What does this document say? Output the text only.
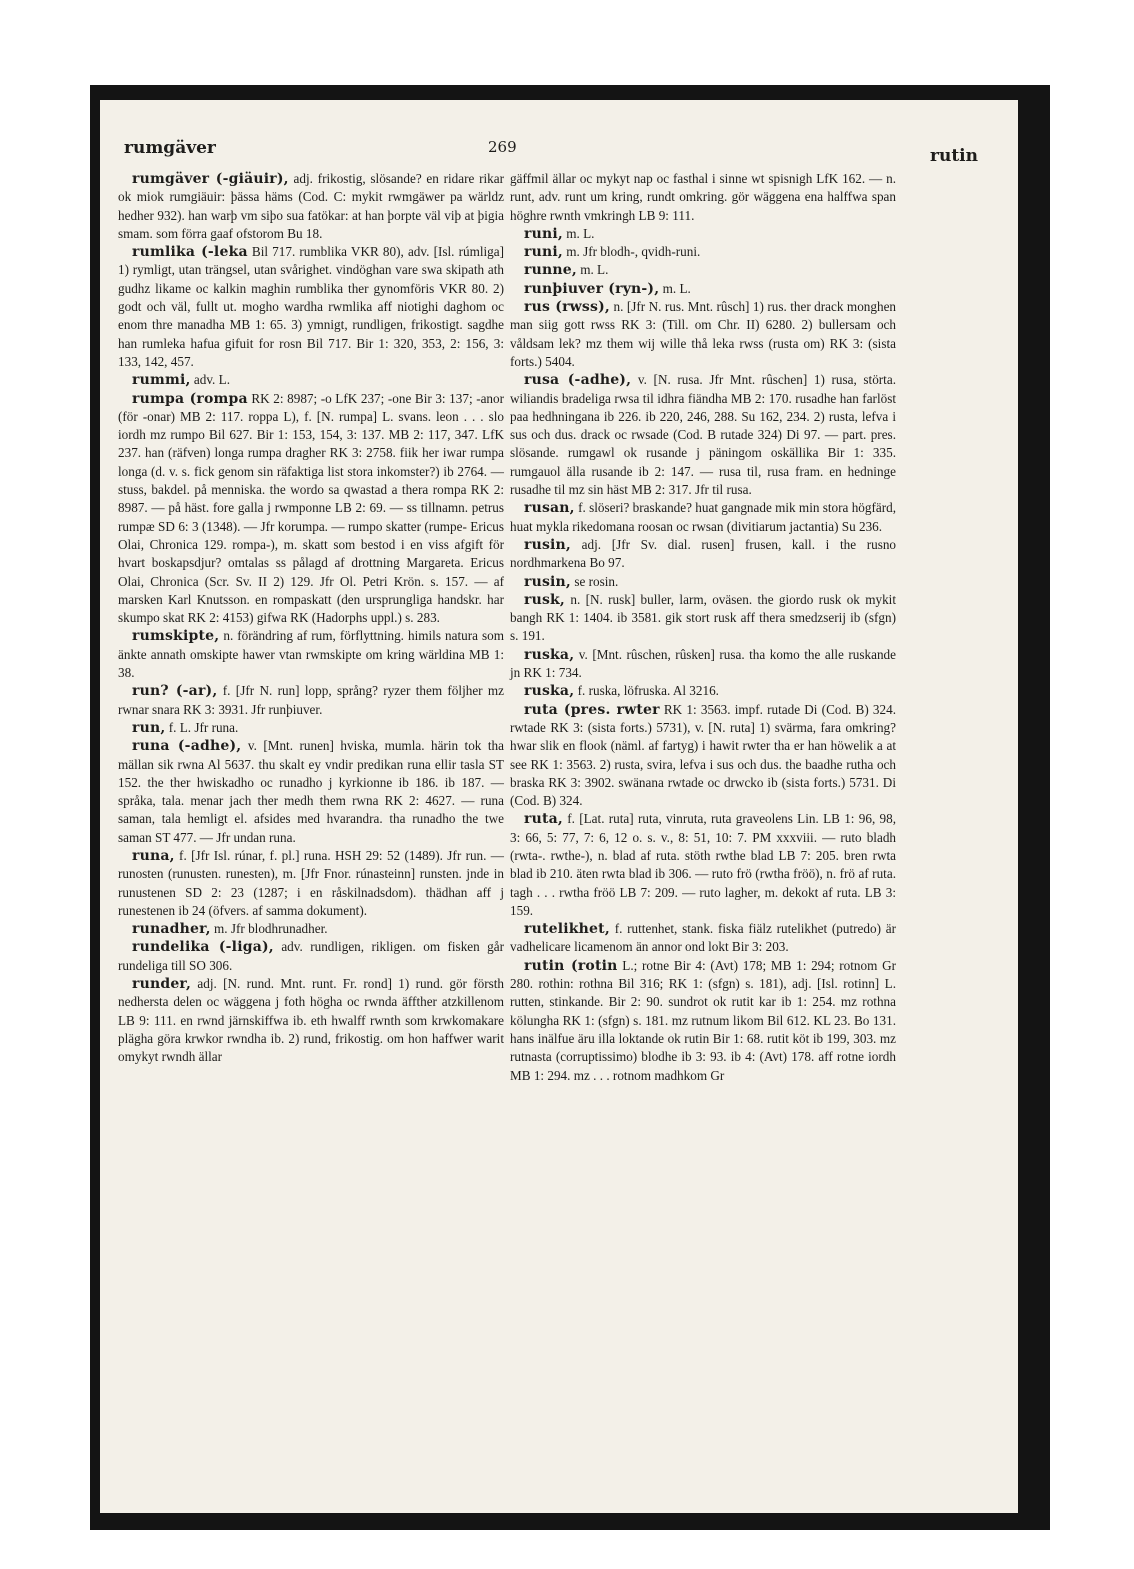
rumgäver	269	rutin

rumgäver (-giäuir), adj. frikostig, slösande? en ridare rikar ok miok rumgiäuir: þässa häms (Cod. C: mykit rwmgäwer pa wärldz hedher 932). han warþ vm siþo sua fatökar: at han þorpte väl viþ at þigia smam. som förra gaaf ofstorom Bu 18.

rumlika (-leka Bil 717. rumblika VKR 80), adv. [Isl. rúmliga] 1) rymligt, utan trängsel, utan svårighet. vindöghan vare swa skipath ath gudhz likame oc kalkin maghin rumblika ther gynomföris VKR 80. 2) godt och väl, fullt ut. mogho wardha rwmlika aff niotighi daghom oc enom thre manadha MB 1: 65. 3) ymnigt, rundligen, frikostigt. sagdhe han rumleka hafua gifuit for rosn Bil 717. Bir 1: 320, 353, 2: 156, 3: 133, 142, 457.

rummi, adv. L.

rumpa (rompa RK 2: 8987; -o LfK 237; -one Bir 3: 137; -anor (för -onar) MB 2: 117. roppa L), f. [N. rumpa] L. svans. leon . . . slo iordh mz rumpo Bil 627. Bir 1: 153, 154, 3: 137. MB 2: 117, 347. LfK 237. han (räfven) longa rumpa dragher RK 3: 2758. fiik her iwar rumpa longa (d. v. s. fick genom sin räfaktiga list stora inkomster?) ib 2764. — stuss, bakdel. på menniska. the wordo sa qwastad a thera rompa RK 2: 8987. — på häst. fore galla j rwmponne LB 2: 69. — ss tillnamn. petrus rumpæ SD 6: 3 (1348). — Jfr korumpa. — rumpo skatter (rumpe- Ericus Olai, Chronica 129. rompa-), m. skatt som bestod i en viss afgift för hvart boskapsdjur? omtalas ss pålagd af drottning Margareta. Ericus Olai, Chronica (Scr. Sv. II 2) 129. Jfr Ol. Petri Krön. s. 157. — af marsken Karl Knutsson. en rompaskatt (den ursprungliga handskr. har skumpo skat RK 2: 4153) gifwa RK (Hadorphs uppl.) s. 283.

rumskipte, n. förändring af rum, förflyttning. himils natura som änkte annath omskipte hawer vtan rwmskipte om kring wärldina MB 1: 38.

run? (-ar), f. [Jfr N. run] lopp, språng? ryzer them följher mz rwnar snara RK 3: 3931. Jfr runþiuver.

run, f. L. Jfr runa.

runa (-adhe), v. [Mnt. runen] hviska, mumla. härin tok tha mällan sik rwna Al 5637. thu skalt ey vndir predikan runa ellir tasla ST 152. the ther hwiskadho oc runadho j kyrkionne ib 186. ib 187. — språka, tala. menar jach ther medh them rwna RK 2: 4627. — runa saman, tala hemligt el. afsides med hvarandra. tha runadho the twe saman ST 477. — Jfr undan runa.

runa, f. [Jfr Isl. rúnar, f. pl.] runa. HSH 29: 52 (1489). Jfr run. — runosten (runusten. runesten), m. [Jfr Fnor. rúnasteinn] runsten. jnde in runustenen SD 2: 23 (1287; i en råskilnadsdom). thädhan aff j runestenen ib 24 (öfvers. af samma dokument).

runadher, m. Jfr blodhrunadher.

rundelika (-liga), adv. rundligen, rikligen. om fisken går rundeliga till SO 306.

runder, adj. [N. rund. Mnt. runt. Fr. rond] 1) rund. gör försth nedhersta delen oc wäggena j foth högha oc rwnda äffther atzkillenom LB 9: 111. en rwnd järnskiffwa ib. eth hwalff rwnth som krwkomakare plägha göra krwkor rwndha ib. 2) rund, frikostig. om hon haffwer warit omykyt rwndh ällar

gäffmil ällar oc mykyt nap oc fasthal i sinne wt spisnigh LfK 162. — n. runt, adv. runt um kring, rundt omkring. gör wäggena ena halffwa span höghre rwnth vmkringh LB 9: 111.

runi, m. L.

runi, m. Jfr blodh-, qvidh-runi.

runne, m. L.

runþiuver (ryn-), m. L.

rus (rwss), n. [Jfr N. rus. Mnt. rûsch] 1) rus. ther drack monghen man siig gott rwss RK 3: (Till. om Chr. II) 6280. 2) bullersam och våldsam lek? mz them wij wille thå leka rwss (rusta om) RK 3: (sista forts.) 5404.

rusa (-adhe), v. [N. rusa. Jfr Mnt. rûschen] 1) rusa, störta. wiliandis bradeliga rwsa til idhra fiändha MB 2: 170. rusadhe han farlöst paa hedhningana ib 226. ib 220, 246, 288. Su 162, 234. 2) rusta, lefva i sus och dus. drack oc rwsade (Cod. B rutade 324) Di 97. — part. pres. slösande. rumgawl ok rusande j päningom oskällika Bir 1: 335. rumgauol älla rusande ib 2: 147. — rusa til, rusa fram. en hedninge rusadhe til mz sin häst MB 2: 317. Jfr til rusa.

rusan, f. slöseri? braskande? huat gangnade mik min stora högfärd, huat mykla rikedomana roosan oc rwsan (divitiarum jactantia) Su 236.

rusin, adj. [Jfr Sv. dial. rusen] frusen, kall. i the rusno nordhmarkena Bo 97.

rusin, se rosin.

rusk, n. [N. rusk] buller, larm, oväsen. the giordo rusk ok mykit bangh RK 1: 1404. ib 3581. gik stort rusk aff thera smedzserij ib (sfgn) s. 191.

ruska, v. [Mnt. rûschen, rûsken] rusa. tha komo the alle ruskande jn RK 1: 734.

ruska, f. ruska, löfruska. Al 3216.

ruta (pres. rwter RK 1: 3563. impf. rutade Di (Cod. B) 324. rwtade RK 3: (sista forts.) 5731), v. [N. ruta] 1) svärma, fara omkring? hwar slik en flook (näml. af fartyg) i hawit rwter tha er han höwelik a at see RK 1: 3563. 2) rusta, svira, lefva i sus och dus. the baadhe rutha och braska RK 3: 3902. swänana rwtade oc drwcko ib (sista forts.) 5731. Di (Cod. B) 324.

ruta, f. [Lat. ruta] ruta, vinruta, ruta graveolens Lin. LB 1: 96, 98, 3: 66, 5: 77, 7: 6, 12 o. s. v., 8: 51, 10: 7. PM xxxviii. — ruto bladh (rwta-. rwthe-), n. blad af ruta. stöth rwthe blad LB 7: 205. bren rwta blad ib 210. äten rwta blad ib 306. — ruto frö (rwtha fröö), n. frö af ruta. tagh . . . rwtha fröö LB 7: 209. — ruto lagher, m. dekokt af ruta. LB 3: 159.

rutelikhet, f. ruttenhet, stank. fiska fiälz rutelikhet (putredo) är vadhelicare licamenom än annor ond lokt Bir 3: 203.

rutin (rotin L.; rotne Bir 4: (Avt) 178; MB 1: 294; rotnom Gr 280. rothin: rothna Bil 316; RK 1: (sfgn) s. 181), adj. [Isl. rotinn] L. rutten, stinkande. Bir 2: 90. sundrot ok rutit kar ib 1: 254. mz rothna kölungha RK 1: (sfgn) s. 181. mz rutnum likom Bil 612. KL 23. Bo 131. hans inälfue äru illa loktande ok rutin Bir 1: 68. rutit köt ib 199, 303. mz rutnasta (corruptissimo) blodhe ib 3: 93. ib 4: (Avt) 178. aff rotne iordh MB 1: 294. mz . . . rotnom madhkom Gr
